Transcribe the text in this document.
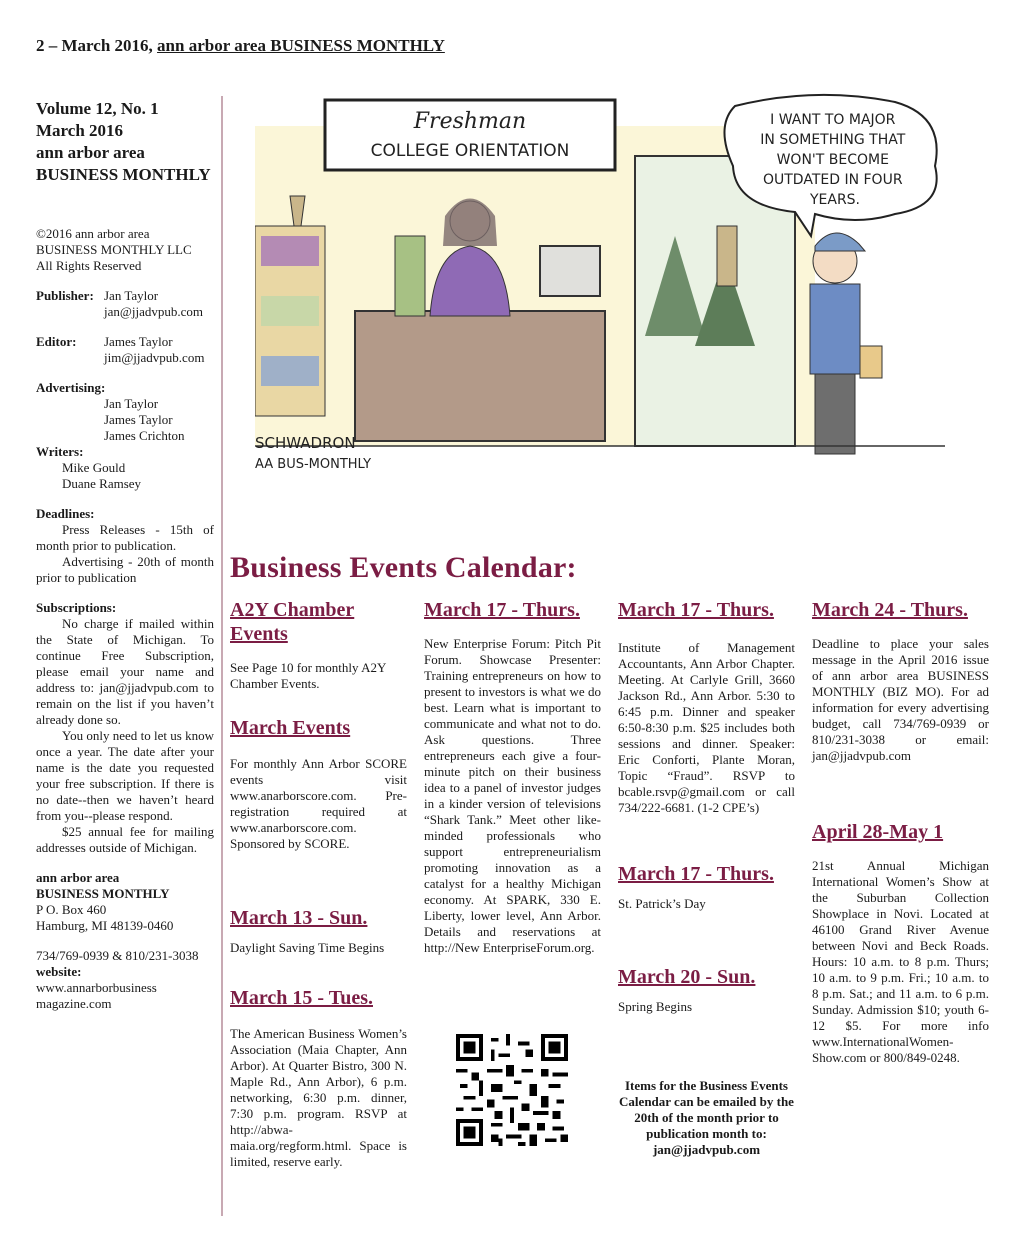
2 – March 2016, ann arbor area BUSINESS MONTHLY
Volume 12, No. 1
March 2016
ann arbor area
BUSINESS MONTHLY
©2016 ann arbor area
BUSINESS MONTHLY LLC
All Rights Reserved
Publisher: Jan Taylor
jan@jjadvpub.com
Editor:	James Taylor
jim@jjadvpub.com
Advertising:
Jan Taylor
James Taylor
James Crichton
Writers:
Mike Gould
Duane Ramsey
Deadlines:
Press Releases - 15th of month prior to publication.
Advertising - 20th of month prior to publication
Subscriptions:
No charge if mailed within the State of Michigan. To continue Free Subscription, please email your name and address to: jan@jjadvpub.com to remain on the list if you haven’t already done so.
You only need to let us know once a year. The date after your name is the date you requested your free subscription. If there is no date--then we haven’t heard from you--please respond.
$25 annual fee for mailing addresses outside of Michigan.
ann arbor area
BUSINESS MONTHLY
P O. Box 460
Hamburg, MI 48139-0460
734/769-0939 & 810/231-3038
website:
www.annarborbusiness magazine.com
Freshman
COLLEGE ORIENTATION
I WANT TO MAJOR IN SOMETHING THAT WON'T BECOME OUTDATED IN FOUR YEARS.
SCHWADRON
AA BUS-MONTHLY
Business Events Calendar:
A2Y Chamber Events

See Page 10 for monthly A2Y Chamber Events.

March Events

For monthly Ann Arbor SCORE events visit www.anarborscore.com. Pre-registration required at www.anarborscore.com. Sponsored by SCORE.

March 13 - Sun.

Daylight Saving Time Begins

March 15 - Tues.

The American Business Women’s Association (Maia Chapter, Ann Arbor). At Quarter Bistro, 300 N. Maple Rd., Ann Arbor), 6 p.m. networking, 6:30 p.m. dinner, 7:30 p.m. program. RSVP at http://abwa-maia.org/regform.html. Space is limited, reserve early.

March 17 - Thurs.

New Enterprise Forum: Pitch Pit Forum. Showcase Presenter: Training entrepreneurs on how to present to investors is what we do best. Learn what is important to communicate and what not to do. Ask questions. Three entrepreneurs each give a four-minute pitch on their business idea to a panel of investor judges in a kinder version of televisions “Shark Tank.” Meet other like-minded professionals who support entrepreneurialism promoting innovation as a catalyst for a healthy Michigan economy. At SPARK, 330 E. Liberty, lower level, Ann Arbor. Details and reservations at http://New EnterpriseForum.org.

March 17 - Thurs.

Institute of Management Accountants, Ann Arbor Chapter. Meeting. At Carlyle Grill, 3660 Jackson Rd., Ann Arbor. 5:30 to 6:45 p.m. Dinner and speaker 6:50-8:30 p.m. $25 includes both sessions and dinner. Speaker: Eric Conforti, Plante Moran, Topic “Fraud”. RSVP to bcable.rsvp@gmail.com or call 734/222-6681. (1-2 CPE’s)

March 17 - Thurs.

St. Patrick’s Day

March 20 - Sun.

Spring Begins

Items for the Business Events Calendar can be emailed by the 20th of the month prior to publication month to: jan@jjadvpub.com
March 24 - Thurs.

Deadline to place your sales message in the April 2016 issue of ann arbor area BUSINESS MONTHLY (BIZ MO). For ad information for every advertising budget, call 734/769-0939 or 810/231-3038 or email: jan@jjadvpub.com

April 28-May 1

21st Annual Michigan International Women’s Show at the Suburban Collection Showplace in Novi. Located at 46100 Grand River Avenue between Novi and Beck Roads. Hours: 10 a.m. to 8 p.m. Thurs; 10 a.m. to 9 p.m. Fri.; 10 a.m. to 8 p.m. Sat.; and 11 a.m. to 6 p.m. Sunday. Admission $10; youth 6-12 $5. For more info www.InternationalWomen-Show.com or 800/849-0248.
